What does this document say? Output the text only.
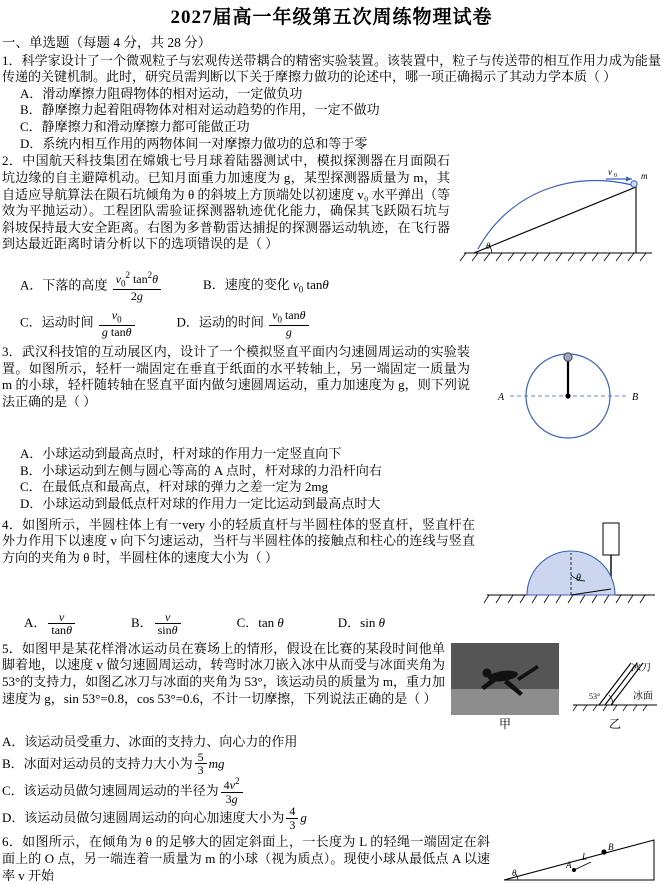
2027届高一年级第五次周练物理试卷
一、单选题（每题 4 分，共 28 分）

1．科学家设计了一个微观粒子与宏观传送带耦合的精密实验装置。该装置中，粒子与传送带的相互作用力成为能量传递的关键机制。此时，研究员需判断以下关于摩擦力做功的论述中，哪一项正确揭示了其动力学本质（ ）

A．滑动摩擦力阻碍物体的相对运动，一定做负功
B．静摩擦力起着阻碍物体对相对运动趋势的作用，一定不做功
C．静摩擦力和滑动摩擦力都可能做正功
D．系统内相互作用的两物体间一对摩擦力做功的总和等于零
v 0	m
θ

2．中国航天科技集团在嫦娥七号月球着陆器测试中，模拟探测器在月面陨石坑边缘的自主避障机动。已知月面重力加速度为 g，某型探测器质量为 m，其自适应导航算法在陨石坑倾角为 θ 的斜坡上方顶端处以初速度 v₀ 水平弹出（等效为平抛运动）。工程团队需验证探测器轨迹优化能力，确保其飞跃陨石坑与斜坡保持最大安全距离。右图为多普勒雷达捕捉的探测器运动轨迹，在飞行器到达最近距离时请分析以下的选项错误的是（ ）

A．下落的高度 $\frac{v_0^2 \tan^2\theta}{2g}$	B．速度的变化 $v_0$ tanθ
C．运动时间 $\frac{v_0}{\text{g tanθ}}$	D．运动的时间 $\frac{v_0 \tan\theta}{g}$
A	B

3．武汉科技馆的互动展区内，设计了一个模拟竖直平面内匀速圆周运动的实验装置。如图所示，轻杆一端固定在垂直于纸面的水平转轴上，另一端固定一质量为 m 的小球，轻杆随转轴在竖直平面内做匀速圆周运动，重力加速度为 g，则下列说法正确的是（ ）

A．小球运动到最高点时，杆对球的作用力一定竖直向下
B．小球运动到左侧与圆心等高的 A 点时，杆对球的力沿杆向右
C．在最低点和最高点，杆对球的弹力之差一定为 2mg
D．小球运动到最低点杆对球的作用力一定比运动到最高点时大
θ

4．如图所示，半圆柱体上有一very 小的轻质直杆与半圆柱体的竖直杆，竖直杆在外力作用下以速度 v 向下匀速运动，当杆与半圆柱体的接触点和柱心的连线与竖直方向的夹角为 θ 时，半圆柱体的速度大小为（ ）

A． $\frac{v}{\tan\theta}$	B． $\frac{v}{\sin\theta}$	C．tan θ	D．sin θ
甲
53°
冰刀
冰面
乙

5．如图甲是某花样滑冰运动员在赛场上的情形，假设在比赛的某段时间他单脚着地，以速度 v 做匀速圆周运动，转弯时冰刀嵌入冰中从而受与冰面夹角为 53°的支持力，如图乙冰刀与冰面的夹角为 53°，该运动员的质量为 m，重力加速度为 g，sin 53°=0.8，cos 53°=0.6，不计一切摩擦，下列说法正确的是（ ）

A．该运动员受重力、冰面的支持力、向心力的作用
B．冰面对运动员的支持力大小为 $\frac{5}{3}$ mg
C．该运动员做匀速圆周运动的半径为 $\frac{4v^2}{3g}$
D．该运动员做匀速圆周运动的向心加速度大小为 $\frac{4}{3}$ g
B
A
L
θ

6．如图所示，在倾角为 θ 的足够大的固定斜面上，一长度为 L 的轻绳一端固定在斜面上的 O 点，另一端连着一质量为 m 的小球（视为质点）。现使小球从最低点 A 以速率 v 开始
